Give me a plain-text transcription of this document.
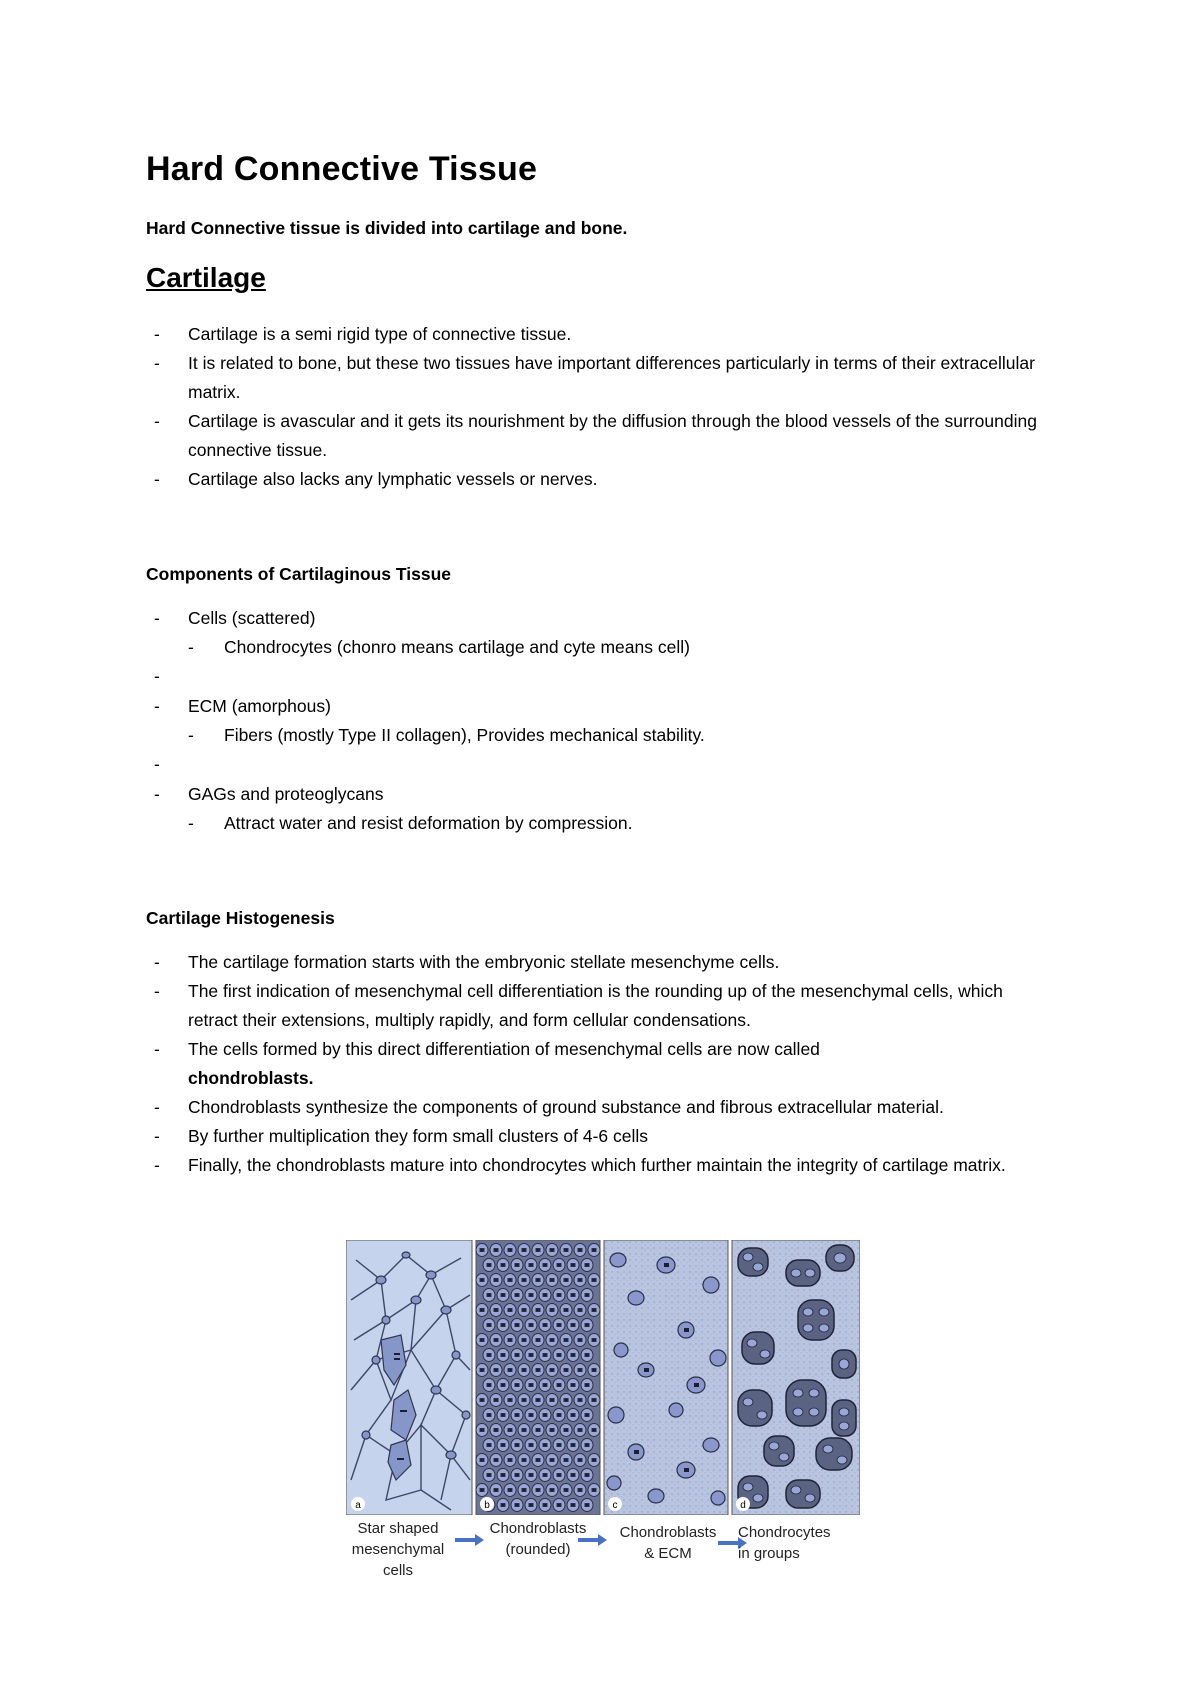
Hard Connective Tissue

Hard Connective tissue is divided into cartilage and bone.

Cartilage
- Cartilage is a semi rigid type of connective tissue.
- It is related to bone, but these two tissues have important differences particularly in terms of their extracellular matrix.
- Cartilage is avascular and it gets its nourishment by the diffusion through the blood vessels of the surrounding connective tissue.
- Cartilage also lacks any lymphatic vessels or nerves.
Components of Cartilaginous Tissue
- Cells (scattered)
- Chondrocytes (chonro means cartilage and cyte means cell)
-
- ECM (amorphous)
- Fibers (mostly Type II collagen), Provides mechanical stability.
-
- GAGs and proteoglycans
- Attract water and resist deformation by compression.
Cartilage Histogenesis
- The cartilage formation starts with the embryonic stellate mesenchyme cells.
- The first indication of mesenchymal cell differentiation is the rounding up of the mesenchymal cells, which retract their extensions, multiply rapidly, and form cellular condensations.
- The cells formed by this direct differentiation of mesenchymal cells are now called
chondroblasts.
- Chondroblasts synthesize the components of ground substance and fibrous extracellular material.
- By further multiplication they form small clusters of 4-6 cells
- Finally, the chondroblasts mature into chondrocytes which further maintain the integrity of cartilage matrix.
a	b	c	d
Star shaped
mesenchymal
cells
Chondroblasts
(rounded)
Chondroblasts
& ECM
Chondrocytes
in groups
